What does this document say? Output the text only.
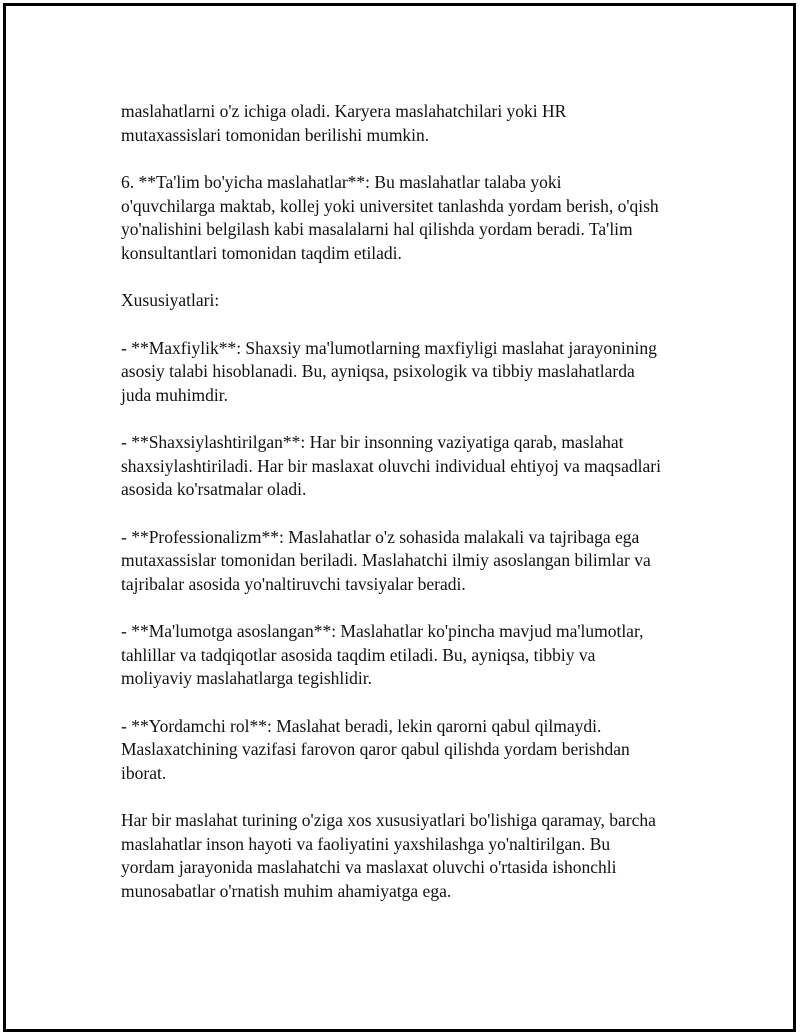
maslahatlarni o'z ichiga oladi. Karyera maslahatchilari yoki HR
mutaxassislari tomonidan berilishi mumkin.

6. **Ta'lim bo'yicha maslahatlar**: Bu maslahatlar talaba yoki
o'quvchilarga maktab, kollej yoki universitet tanlashda yordam berish, o'qish
yo'nalishini belgilash kabi masalalarni hal qilishda yordam beradi. Ta'lim
konsultantlari tomonidan taqdim etiladi.

Xususiyatlari:

- **Maxfiylik**: Shaxsiy ma'lumotlarning maxfiyligi maslahat jarayonining
asosiy talabi hisoblanadi. Bu, ayniqsa, psixologik va tibbiy maslahatlarda
juda muhimdir.

- **Shaxsiylashtirilgan**: Har bir insonning vaziyatiga qarab, maslahat
shaxsiylashtiriladi. Har bir maslaxat oluvchi individual ehtiyoj va maqsadlari
asosida ko'rsatmalar oladi.

- **Professionalizm**: Maslahatlar o'z sohasida malakali va tajribaga ega
mutaxassislar tomonidan beriladi. Maslahatchi ilmiy asoslangan bilimlar va
tajribalar asosida yo'naltiruvchi tavsiyalar beradi.

- **Ma'lumotga asoslangan**: Maslahatlar ko'pincha mavjud ma'lumotlar,
tahlillar va tadqiqotlar asosida taqdim etiladi. Bu, ayniqsa, tibbiy va
moliyaviy maslahatlarga tegishlidir.

- **Yordamchi rol**: Maslahat beradi, lekin qarorni qabul qilmaydi.
Maslaxatchining vazifasi farovon qaror qabul qilishda yordam berishdan
iborat.

Har bir maslahat turining o'ziga xos xususiyatlari bo'lishiga qaramay, barcha
maslahatlar inson hayoti va faoliyatini yaxshilashga yo'naltirilgan. Bu
yordam jarayonida maslahatchi va maslaxat oluvchi o'rtasida ishonchli
munosabatlar o'rnatish muhim ahamiyatga ega.
